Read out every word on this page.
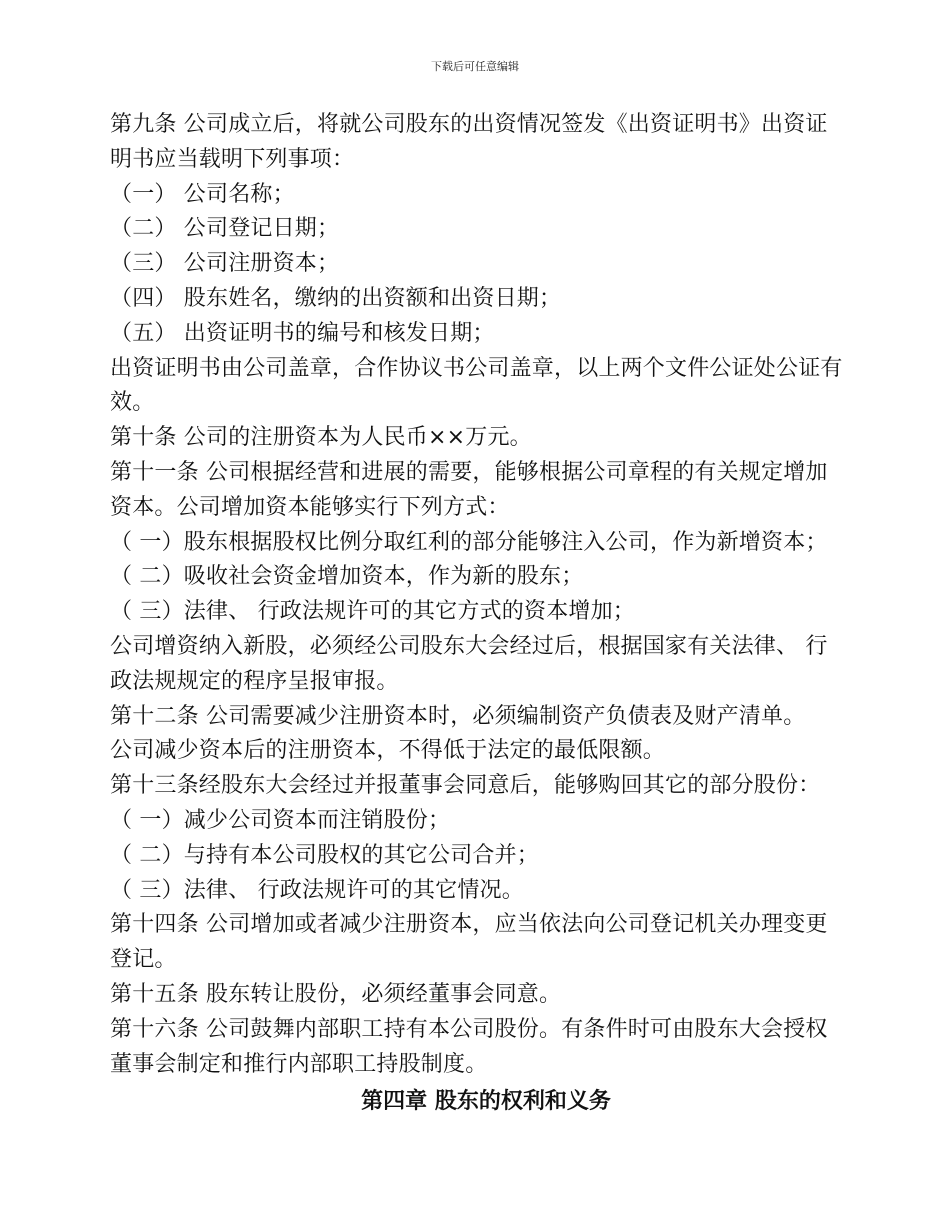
下载后可任意编辑
第九条 公司成立后，将就公司股东的出资情况签发《出资证明书》出资证
明书应当载明下列事项：
（一） 公司名称；
（二） 公司登记日期；
（三） 公司注册资本；
（四） 股东姓名，缴纳的出资额和出资日期；
（五） 出资证明书的编号和核发日期；
出资证明书由公司盖章，合作协议书公司盖章，以上两个文件公证处公证有
效。
第十条 公司的注册资本为人民币××万元。
第十一条 公司根据经营和进展的需要，能够根据公司章程的有关规定增加
资本。公司增加资本能够实行下列方式：
（ 一）股东根据股权比例分取红利的部分能够注入公司，作为新增资本；
（ 二）吸收社会资金增加资本，作为新的股东；
（ 三）法律、 行政法规许可的其它方式的资本增加；
公司增资纳入新股，必须经公司股东大会经过后，根据国家有关法律、 行
政法规规定的程序呈报审报。
第十二条 公司需要减少注册资本时，必须编制资产负债表及财产清单。
公司减少资本后的注册资本，不得低于法定的最低限额。
第十三条经股东大会经过并报董事会同意后，能够购回其它的部分股份：
（ 一）减少公司资本而注销股份；
（ 二）与持有本公司股权的其它公司合并；
（ 三）法律、 行政法规许可的其它情况。
第十四条 公司增加或者减少注册资本，应当依法向公司登记机关办理变更
登记。
第十五条 股东转让股份，必须经董事会同意。
第十六条 公司鼓舞内部职工持有本公司股份。有条件时可由股东大会授权
董事会制定和推行内部职工持股制度。
第四章 股东的权利和义务
